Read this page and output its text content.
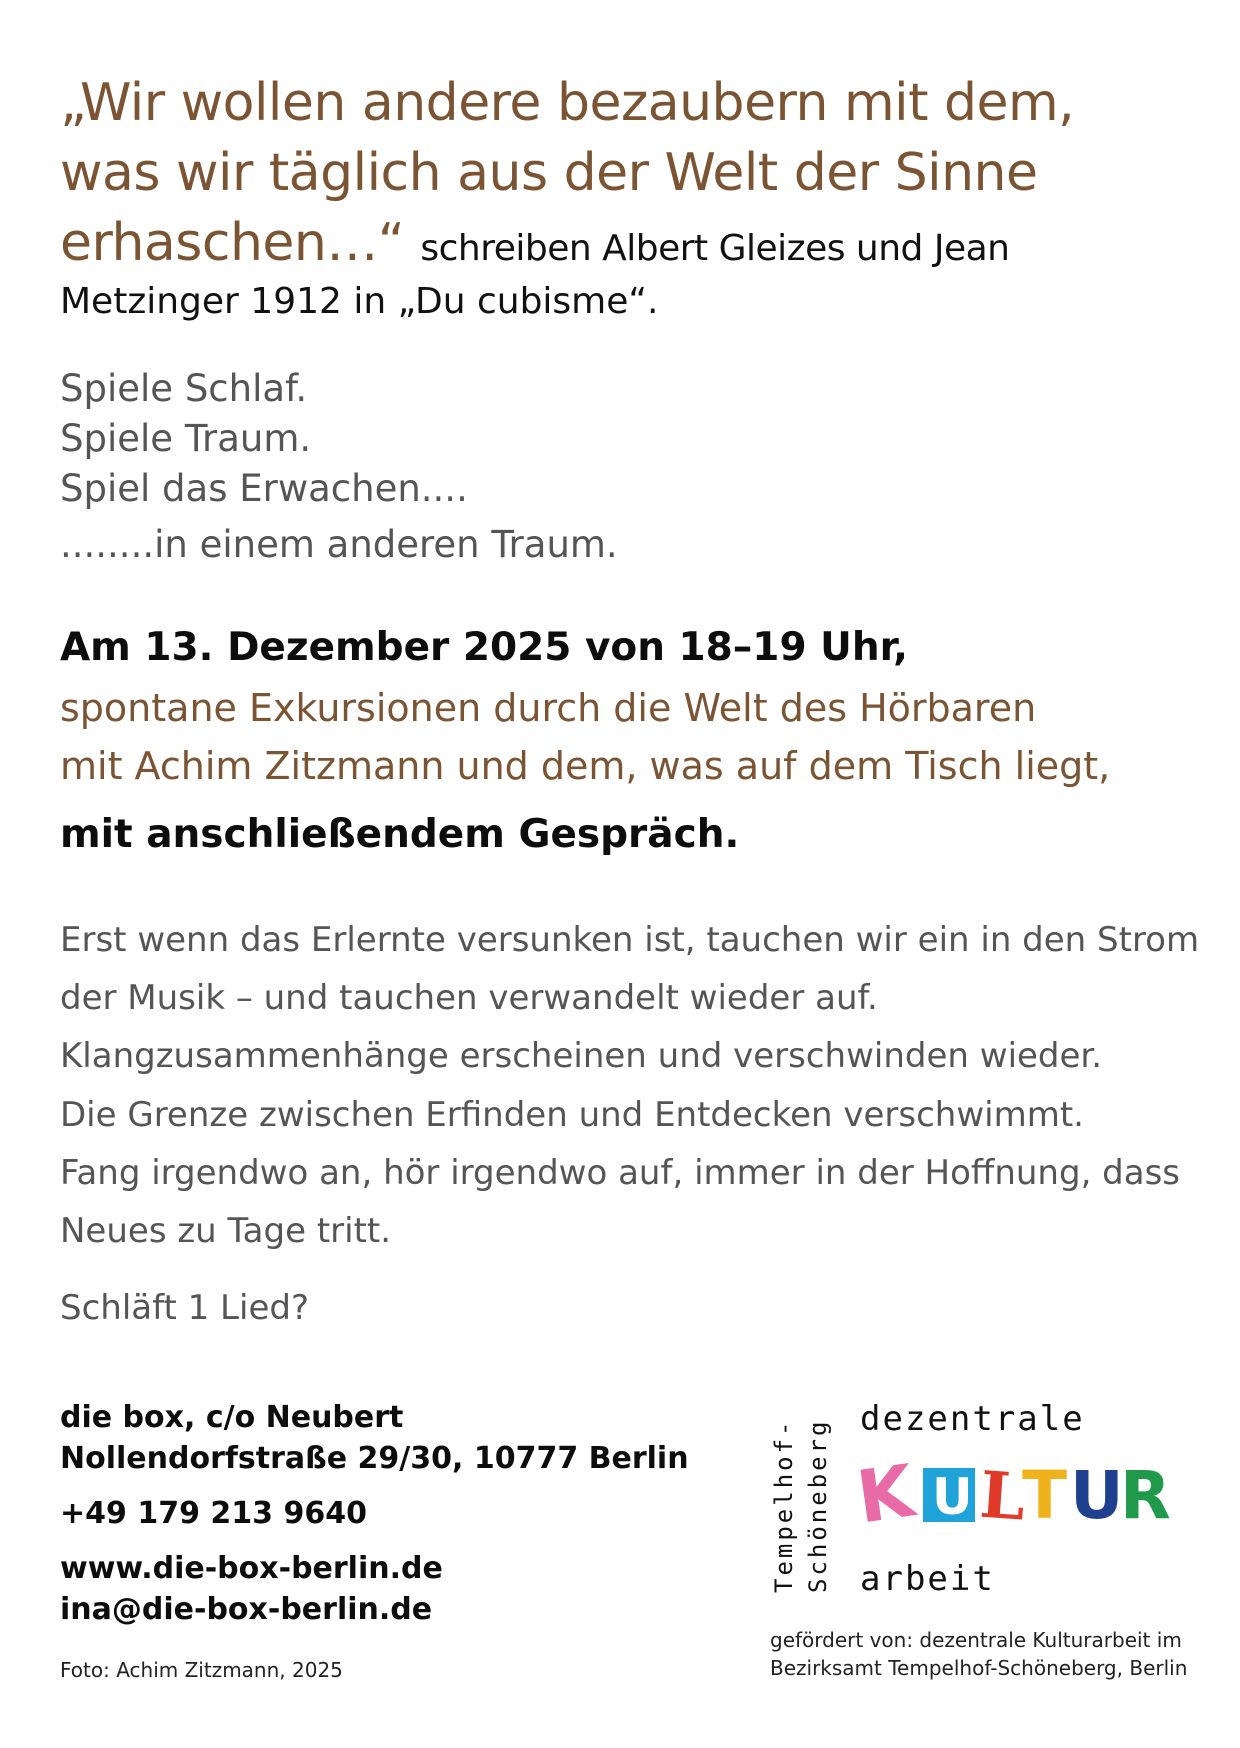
„Wir wollen andere bezaubern mit dem,
was wir täglich aus der Welt der Sinne
erhaschen…“ schreiben Albert Gleizes und Jean
Metzinger 1912 in „Du cubisme“.
Spiele Schlaf.
Spiele Traum.
Spiel das Erwachen....
........in einem anderen Traum.
Am 13. Dezember 2025 von 18–19 Uhr,
spontane Exkursionen durch die Welt des Hörbaren
mit Achim Zitzmann und dem, was auf dem Tisch liegt,
mit anschließendem Gespräch.
Erst wenn das Erlernte versunken ist, tauchen wir ein in den Strom
der Musik – und tauchen verwandelt wieder auf.
Klangzusammenhänge erscheinen und verschwinden wieder.
Die Grenze zwischen Erfinden und Entdecken verschwimmt.
Fang irgendwo an, hör irgendwo auf, immer in der Hoffnung, dass
Neues zu Tage tritt.
Schläft 1 Lied?
die box, c/o Neubert
Nollendorfstraße 29/30, 10777 Berlin
+49 179 213 9640
www.die-box-berlin.de
ina@die-box-berlin.de
Foto: Achim Zitzmann, 2025
Tempelhof- Schöneberg dezentrale
K U L
T U
R
arbeit
gefördert von: dezentrale Kulturarbeit im
Bezirksamt Tempelhof-Schöneberg, Berlin
